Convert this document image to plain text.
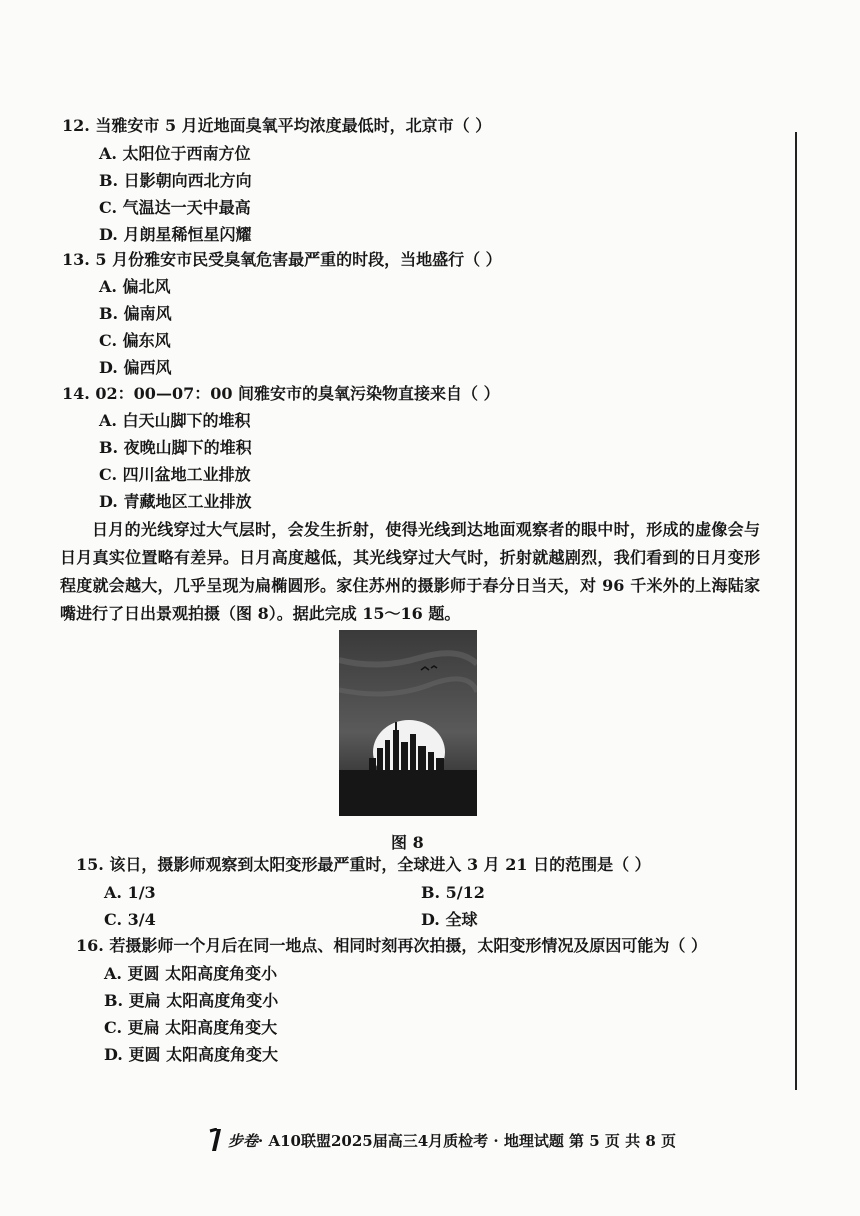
12. 当雅安市 5 月近地面臭氧平均浓度最低时，北京市（ ）
A. 太阳位于西南方位
B. 日影朝向西北方向
C. 气温达一天中最高
D. 月朗星稀恒星闪耀
13. 5 月份雅安市民受臭氧危害最严重的时段，当地盛行（ ）
A. 偏北风
B. 偏南风
C. 偏东风
D. 偏西风
14. 02：00—07：00 间雅安市的臭氧污染物直接来自（ ）
A. 白天山脚下的堆积
B. 夜晚山脚下的堆积
C. 四川盆地工业排放
D. 青藏地区工业排放

日月的光线穿过大气层时，会发生折射，使得光线到达地面观察者的眼中时，形成的虚像会与日月真实位置略有差异。日月高度越低，其光线穿过大气时，折射就越剧烈，我们看到的日月变形程度就会越大，几乎呈现为扁椭圆形。家住苏州的摄影师于春分日当天，对 96 千米外的上海陆家嘴进行了日出景观拍摄（图 8）。据此完成 15～16 题。

图 8
15. 该日，摄影师观察到太阳变形最严重时，全球进入 3 月 21 日的范围是（ ）
A. 1/3	B. 5/12
C. 3/4	D. 全球
16. 若摄影师一个月后在同一地点、相同时刻再次拍摄，太阳变形情况及原因可能为（ ）
A. 更圆 太阳高度角变小
B. 更扁 太阳高度角变小
C. 更扁 太阳高度角变大
D. 更圆 太阳高度角变大
步卷· A10联盟2025届高三4月质检考 · 地理试题 第 5 页 共 8 页
